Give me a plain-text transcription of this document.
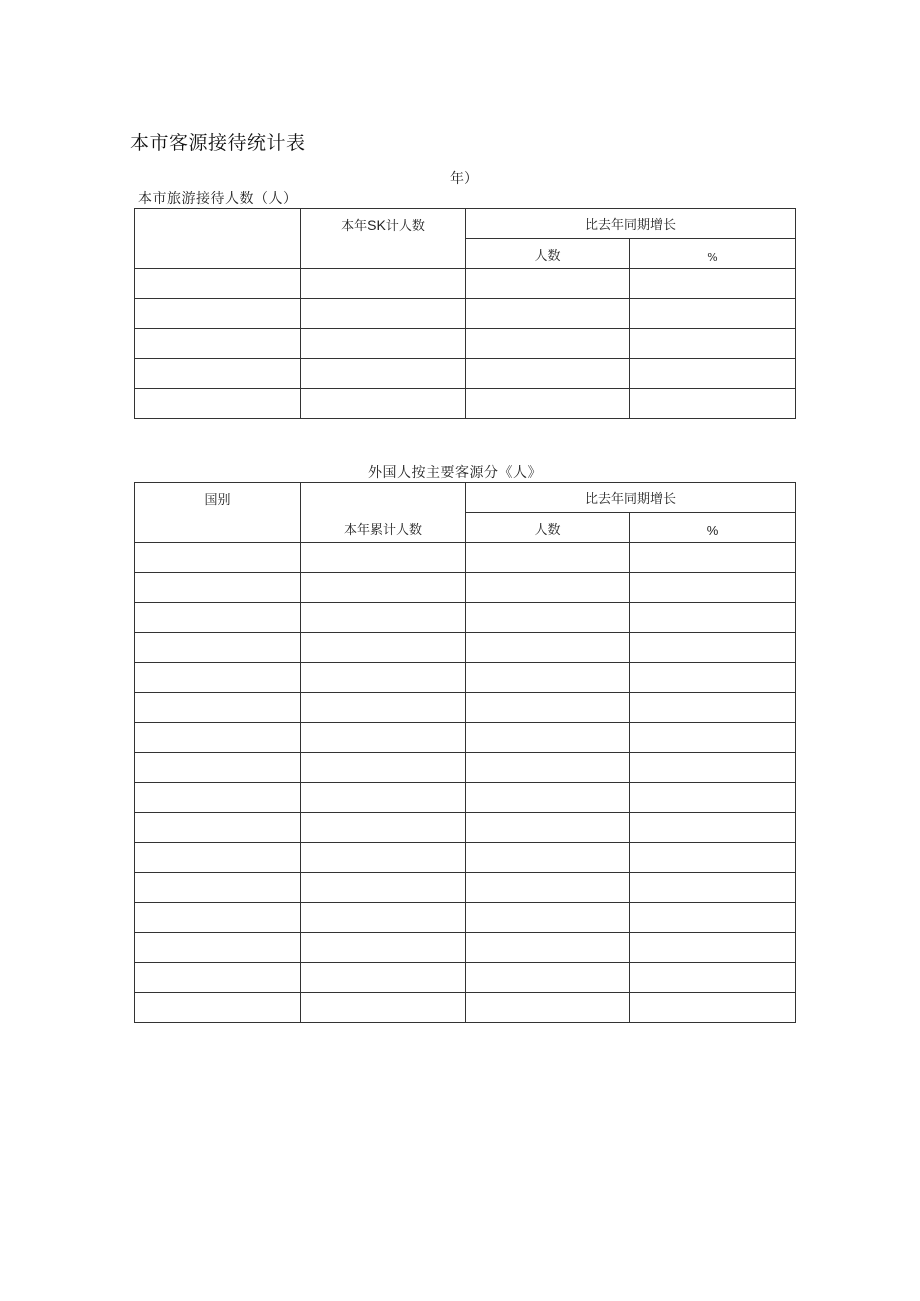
本市客源接待统计表
年）
本市旅游接待人数（人）
	本年SK计人数	比去年同期增长	
		人数	%

外国人按主要客源分《人》
国别	本年累计人数	比去年同期增长	
		人数	%
